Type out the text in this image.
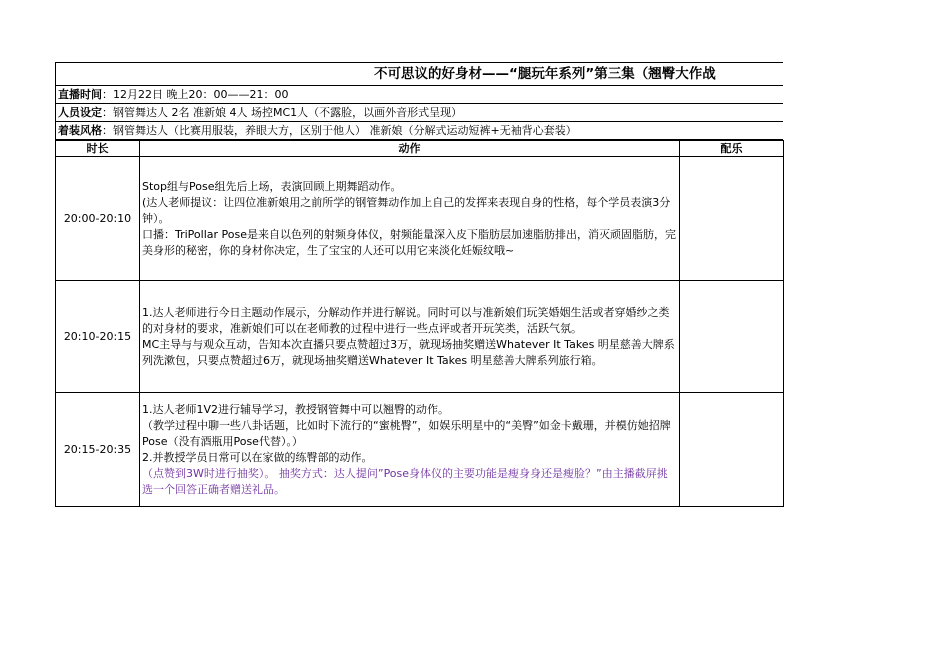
不可思议的好身材——“腿玩年系列”第三集（翘臀大作战
直播时间：12月22日 晚上20：00——21：00
人员设定：钢管舞达人 2名 准新娘 4人 场控MC1人（不露脸，以画外音形式呈现）
着装风格：钢管舞达人（比赛用服装，养眼大方，区别于他人） 准新娘（分解式运动短裤+无袖背心套装）
时长	动作	配乐
20:00-20:10	Stop组与Pose组先后上场，表演回顾上期舞蹈动作。

(达人老师提议：让四位准新娘用之前所学的钢管舞动作加上自己的发挥来表现自身的性格，每个学员表演3分钟）。

口播：TriPollar Pose是来自以色列的射频身体仪，射频能量深入皮下脂肪层加速脂肪排出，消灭顽固脂肪，完美身形的秘密，你的身材你决定，生了宝宝的人还可以用它来淡化妊娠纹哦~	

20:10-20:15	1.达人老师进行今日主题动作展示，分解动作并进行解说。同时可以与准新娘们玩笑婚姻生活或者穿婚纱之类的对身材的要求，准新娘们可以在老师教的过程中进行一些点评或者开玩笑类，活跃气氛。

MC主导与与观众互动，告知本次直播只要点赞超过3万，就现场抽奖赠送Whatever It Takes 明星慈善大牌系列洗漱包，只要点赞超过6万，就现场抽奖赠送Whatever It Takes 明星慈善大牌系列旅行箱。	

20:15-20:35	1.达人老师1V2进行辅导学习，教授钢管舞中可以翘臀的动作。

（教学过程中聊一些八卦话题，比如时下流行的“蜜桃臀”，如娱乐明星中的“美臀”如金卡戴珊，并模仿她招牌Pose（没有酒瓶用Pose代替）。）

2.并教授学员日常可以在家做的练臀部的动作。

（点赞到3W时进行抽奖）。 抽奖方式：达人提问”Pose身体仪的主要功能是瘦身身还是瘦脸？”由主播截屏挑选一个回答正确者赠送礼品。	
